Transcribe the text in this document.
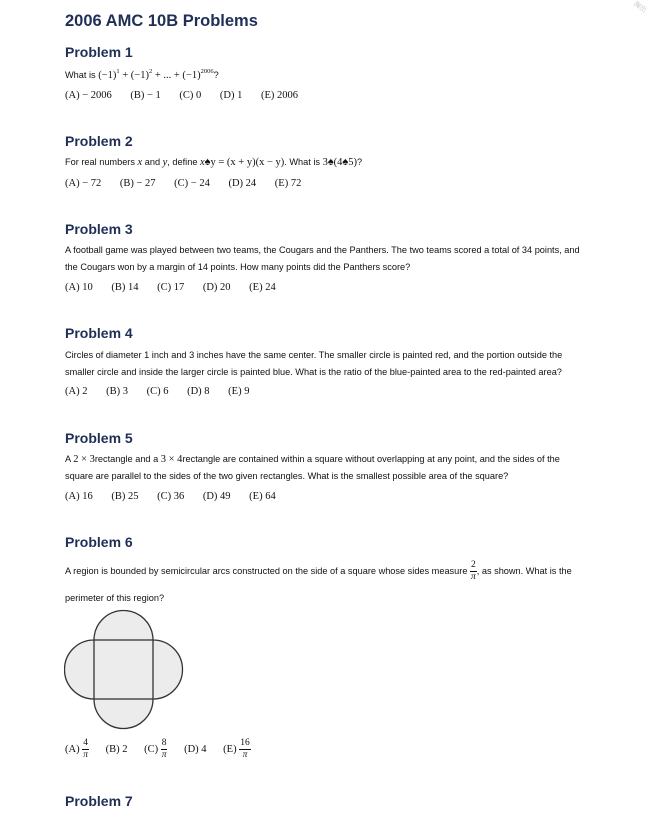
淘出
2006 AMC 10B Problems
Problem 1
What is $(-1)^1 + (-1)^2$ + ... + $(-1)^{2006}$?
(A) − 2006 (B) − 1 (C) 0 (D) 1 (E) 2006
Problem 2
For real numbers x and y, define x♠y = (x + y)(x − y). What is 3♠(4♠5)?
(A) − 72 (B) − 27 (C) − 24 (D) 24 (E) 72
Problem 3
A football game was played between two teams, the Cougars and the Panthers. The two teams scored a total of 34 points, and
the Cougars won by a margin of 14 points. How many points did the Panthers score?
(A) 10 (B) 14 (C) 17 (D) 20 (E) 24
Problem 4
Circles of diameter 1 inch and 3 inches have the same center. The smaller circle is painted red, and the portion outside the
smaller circle and inside the larger circle is painted blue. What is the ratio of the blue-painted area to the red-painted area?
(A) 2 (B) 3 (C) 6 (D) 8 (E) 9
Problem 5
A 2 × 3rectangle and a 3 × 4rectangle are contained within a square without overlapping at any point, and the sides of the
square are parallel to the sides of the two given rectangles. What is the smallest possible area of the square?
(A) 16 (B) 25 (C) 36 (D) 49 (E) 64
Problem 6
A region is bounded by semicircular arcs constructed on the side of a square whose sides measure $\frac{2}{\pi}$ , as shown. What is the
perimeter of this region?
$(A) \frac{4}{\pi} (B)$ 2 $(C) \frac{8}{\pi} (D)$ 4 $(E) \frac{16}{\pi}$
Problem 7
